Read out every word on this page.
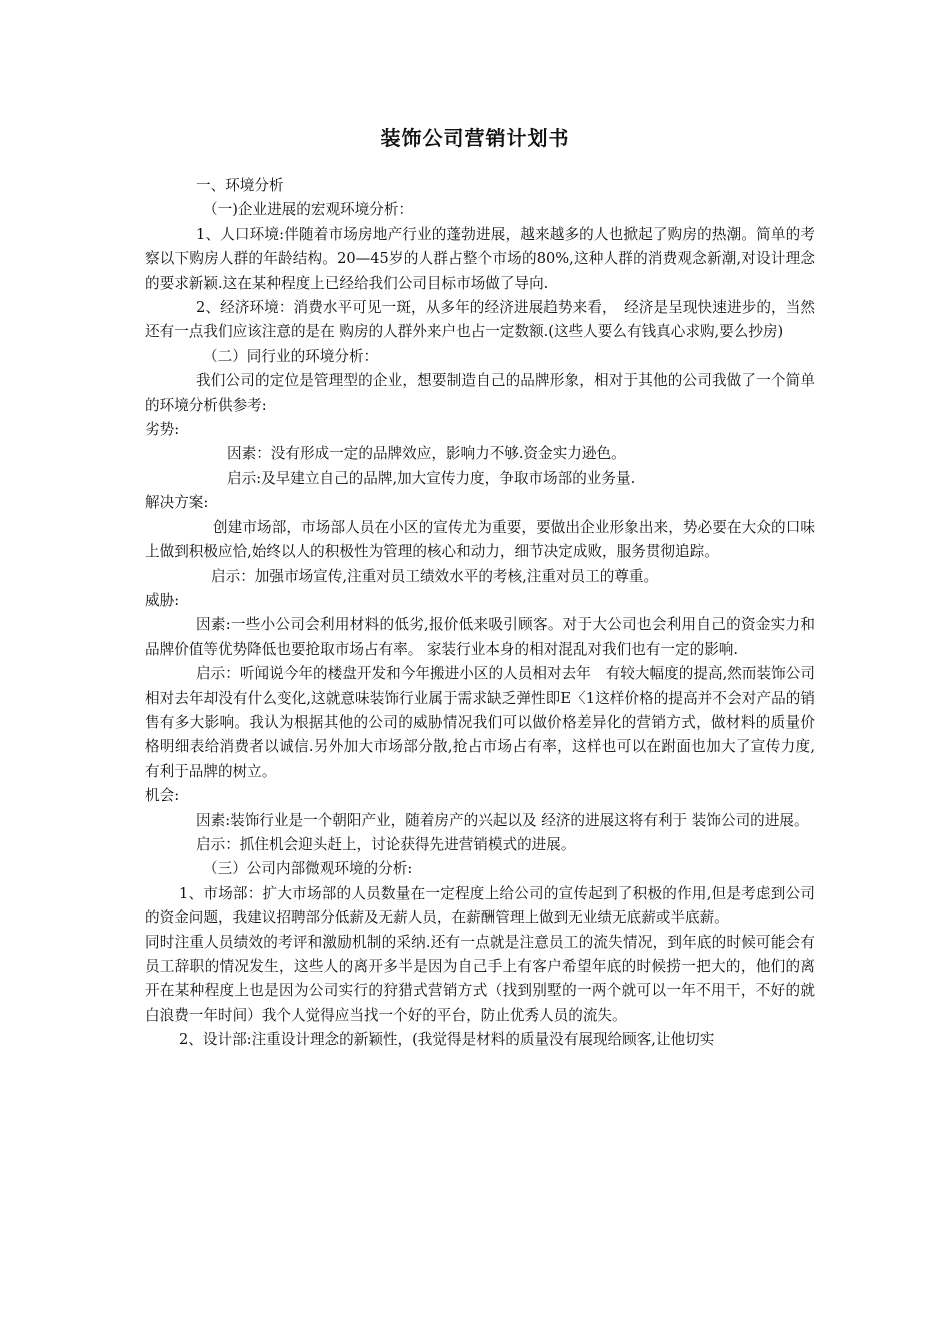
装饰公司营销计划书

一、环境分析

（一)企业进展的宏观环境分析：

1、人口环境:伴随着市场房地产行业的蓬勃进展，越来越多的人也掀起了购房的热潮。简单的考察以下购房人群的年龄结构。20—45岁的人群占整个市场的80%,这种人群的消费观念新潮,对设计理念的要求新颖.这在某种程度上已经给我们公司目标市场做了导向.

2、经济环境：消费水平可见一斑，从多年的经济进展趋势来看，　经济是呈现快速进步的，当然还有一点我们应该注意的是在 购房的人群外来户也占一定数额.(这些人要么有钱真心求购,要么抄房)

（二）同行业的环境分析：

我们公司的定位是管理型的企业，想要制造自己的品牌形象，相对于其他的公司我做了一个简单的环境分析供参考:

劣势:

因素：没有形成一定的品牌效应，影响力不够.资金实力逊色。

启示:及早建立自己的品牌,加大宣传力度，争取市场部的业务量.

解决方案:

创建市场部，市场部人员在小区的宣传尤为重要，要做出企业形象出来，势必要在大众的口味上做到积极应恰,始终以人的积极性为管理的核心和动力，细节决定成败，服务贯彻追踪。

启示：加强市场宣传,注重对员工绩效水平的考核,注重对员工的尊重。

威胁:

因素:一些小公司会利用材料的低劣,报价低来吸引顾客。对于大公司也会利用自己的资金实力和品牌价值等优势降低也要抢取市场占有率。 家装行业本身的相对混乱对我们也有一定的影响.

启示：听闻说今年的楼盘开发和今年搬进小区的人员相对去年　有较大幅度的提高,然而装饰公司相对去年却没有什么变化,这就意味装饰行业属于需求缺乏弹性即E〈1这样价格的提高并不会对产品的销售有多大影响。我认为根据其他的公司的威胁情况我们可以做价格差异化的营销方式，做材料的质量价格明细表给消费者以诚信.另外加大市场部分散,抢占市场占有率，这样也可以在跗面也加大了宣传力度,有利于品牌的树立。

机会:

因素:装饰行业是一个朝阳产业，随着房产的兴起以及 经济的进展这将有利于 装饰公司的进展。

启示：抓住机会迎头赶上，讨论获得先进营销模式的进展。

（三）公司内部微观环境的分析:

1、市场部：扩大市场部的人员数量在一定程度上给公司的宣传起到了积极的作用,但是考虑到公司的资金问题，我建议招聘部分低薪及无薪人员，在薪酬管理上做到无业绩无底薪或半底薪。

同时注重人员绩效的考评和激励机制的采纳.还有一点就是注意员工的流失情况，到年底的时候可能会有员工辞职的情况发生，这些人的离开多半是因为自己手上有客户希望年底的时候捞一把大的，他们的离开在某种程度上也是因为公司实行的狩猎式营销方式（找到别墅的一两个就可以一年不用干，不好的就白浪费一年时间）我个人觉得应当找一个好的平台，防止优秀人员的流失。

2、设计部:注重设计理念的新颖性，(我觉得是材料的质量没有展现给顾客,让他切实
